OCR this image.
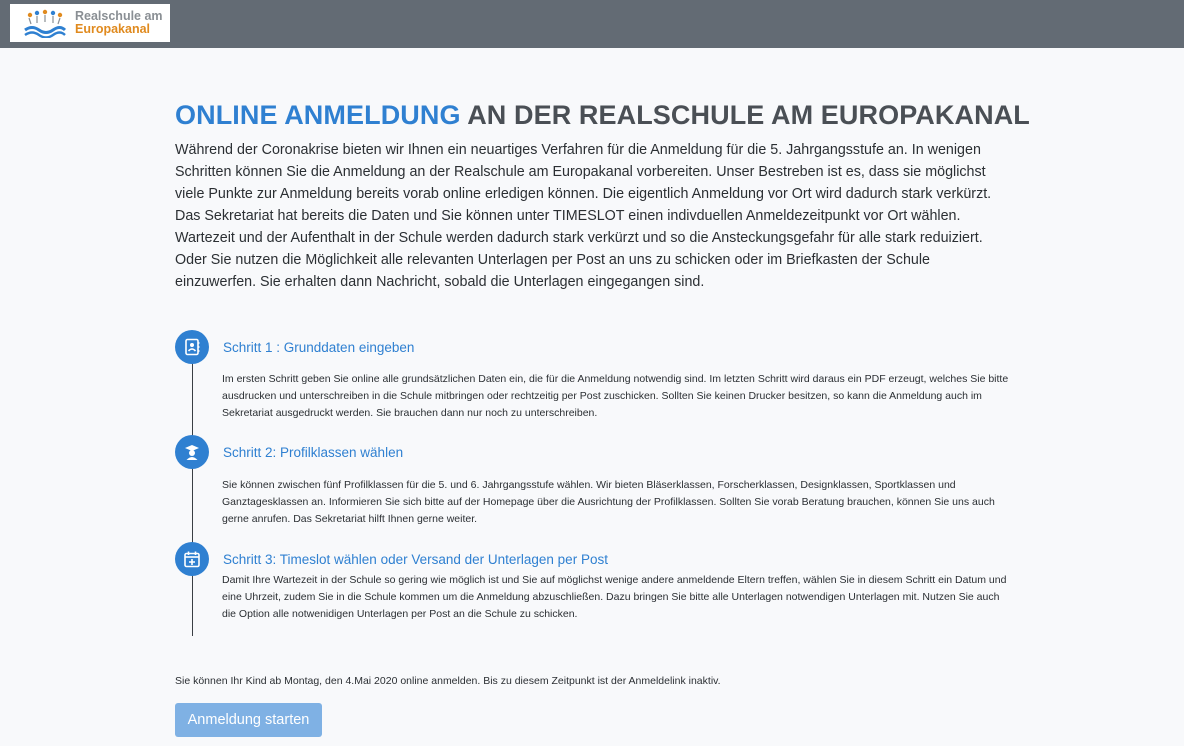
Realschule am
Europakanal
ONLINE ANMELDUNG AN DER REALSCHULE AM EUROPAKANAL

Während der Coronakrise bieten wir Ihnen ein neuartiges Verfahren für die Anmeldung für die 5. Jahrgangsstufe an. In wenigen Schritten können Sie die Anmeldung an der Realschule am Europakanal vorbereiten. Unser Bestreben ist es, dass sie möglichst viele Punkte zur Anmeldung bereits vorab online erledigen können. Die eigentlich Anmeldung vor Ort wird dadurch stark verkürzt. Das Sekretariat hat bereits die Daten und Sie können unter TIMESLOT einen indivduellen Anmeldezeitpunkt vor Ort wählen. Wartezeit und der Aufenthalt in der Schule werden dadurch stark verkürzt und so die Ansteckungsgefahr für alle stark reduiziert. Oder Sie nutzen die Möglichkeit alle relevanten Unterlagen per Post an uns zu schicken oder im Briefkasten der Schule einzuwerfen. Sie erhalten dann Nachricht, sobald die Unterlagen eingegangen sind.

Schritt 1 : Grunddaten eingeben

Im ersten Schritt geben Sie online alle grundsätzlichen Daten ein, die für die Anmeldung notwendig sind. Im letzten Schritt wird daraus ein PDF erzeugt, welches Sie bitte ausdrucken und unterschreiben in die Schule mitbringen oder rechtzeitig per Post zuschicken. Sollten Sie keinen Drucker besitzen, so kann die Anmeldung auch im Sekretariat ausgedruckt werden. Sie brauchen dann nur noch zu unterschreiben.

Schritt 2: Profilklassen wählen

Sie können zwischen fünf Profilklassen für die 5. und 6. Jahrgangsstufe wählen. Wir bieten Bläserklassen, Forscherklassen, Designklassen, Sportklassen und Ganztagesklassen an. Informieren Sie sich bitte auf der Homepage über die Ausrichtung der Profilklassen. Sollten Sie vorab Beratung brauchen, können Sie uns auch gerne anrufen. Das Sekretariat hilft Ihnen gerne weiter.

Schritt 3: Timeslot wählen oder Versand der Unterlagen per Post

Damit Ihre Wartezeit in der Schule so gering wie möglich ist und Sie auf möglichst wenige andere anmeldende Eltern treffen, wählen Sie in diesem Schritt ein Datum und eine Uhrzeit, zudem Sie in die Schule kommen um die Anmeldung abzuschließen. Dazu bringen Sie bitte alle Unterlagen notwendigen Unterlagen mit. Nutzen Sie auch die Option alle notwenidigen Unterlagen per Post an die Schule zu schicken.

Sie können Ihr Kind ab Montag, den 4.Mai 2020 online anmelden. Bis zu diesem Zeitpunkt ist der Anmeldelink inaktiv.
Anmeldung starten
